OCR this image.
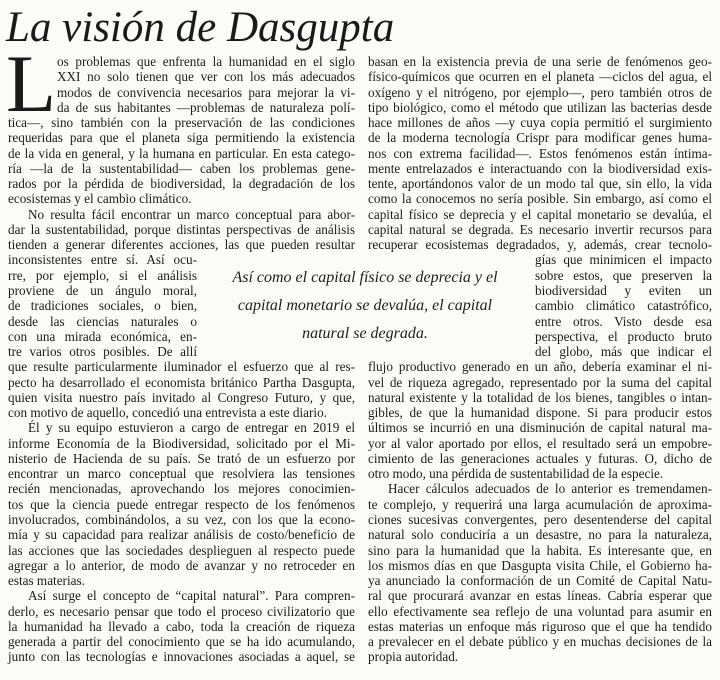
La visión de Dasgupta
L os problemas que enfrenta la humanidad en el siglo
XXI no solo tienen que ver con los más adecuados
modos de convivencia necesarios para mejorar la vi-
da de sus habitantes —problemas de naturaleza polí-
tica—, sino también con la preservación de las condiciones
requeridas para que el planeta siga permitiendo la existencia
de la vida en general, y la humana en particular. En esta catego-
ría —la de la sustentabilidad— caben los problemas gene-
rados por la pérdida de biodiversidad, la degradación de los
ecosistemas y el cambio climático.
No resulta fácil encontrar un marco conceptual para abor-
dar la sustentabilidad, porque distintas perspectivas de análisis
tienden a generar diferentes acciones, las que pueden resultar
inconsistentes entre sí. Así ocu-
rre, por ejemplo, si el análisis
proviene de un ángulo moral,
de tradiciones sociales, o bien,
desde las ciencias naturales o
con una mirada económica, en-
tre varios otros posibles. De allí
que resulte particularmente iluminador el esfuerzo que al res-
pecto ha desarrollado el economista británico Partha Dasgupta,
quien visita nuestro país invitado al Congreso Futuro, y que,
con motivo de aquello, concedió una entrevista a este diario.
Él y su equipo estuvieron a cargo de entregar en 2019 el
informe Economía de la Biodiversidad, solicitado por el Mi-
nisterio de Hacienda de su país. Se trató de un esfuerzo por
encontrar un marco conceptual que resolviera las tensiones
recién mencionadas, aprovechando los mejores conocimien-
tos que la ciencia puede entregar respecto de los fenómenos
involucrados, combinándolos, a su vez, con los que la econo-
mía y su capacidad para realizar análisis de costo/beneficio de
las acciones que las sociedades desplieguen al respecto puede
agregar a lo anterior, de modo de avanzar y no retroceder en
estas materias.
Así surge el concepto de “capital natural”. Para compren-
derlo, es necesario pensar que todo el proceso civilizatorio que
la humanidad ha llevado a cabo, toda la creación de riqueza
generada a partir del conocimiento que se ha ido acumulando,
junto con las tecnologías e innovaciones asociadas a aquel, se
basan en la existencia previa de una serie de fenómenos geo-
físico-químicos que ocurren en el planeta —ciclos del agua, el
oxígeno y el nitrógeno, por ejemplo—, pero también otros de
tipo biológico, como el método que utilizan las bacterias desde
hace millones de años —y cuya copia permitió el surgimiento
de la moderna tecnología Crispr para modificar genes huma-
nos con extrema facilidad—. Estos fenómenos están íntima-
mente entrelazados e interactuando con la biodiversidad exis-
tente, aportándonos valor de un modo tal que, sin ello, la vida
como la conocemos no sería posible. Sin embargo, así como el
capital físico se deprecia y el capital monetario se devalúa, el
capital natural se degrada. Es necesario invertir recursos para
recuperar ecosistemas degradados, y, además, crear tecnolo-
gías que minimicen el impacto
sobre estos, que preserven la
biodiversidad y eviten un
cambio climático catastrófico,
entre otros. Visto desde esa
perspectiva, el producto bruto
del globo, más que indicar el
flujo productivo generado en un año, debería examinar el ni-
vel de riqueza agregado, representado por la suma del capital
natural existente y la totalidad de los bienes, tangibles o intan-
gibles, de que la humanidad dispone. Si para producir estos
últimos se incurrió en una disminución de capital natural ma-
yor al valor aportado por ellos, el resultado será un empobre-
cimiento de las generaciones actuales y futuras. O, dicho de
otro modo, una pérdida de sustentabilidad de la especie.
Hacer cálculos adecuados de lo anterior es tremendamen-
te complejo, y requerirá una larga acumulación de aproxima-
ciones sucesivas convergentes, pero desentenderse del capital
natural solo conduciría a un desastre, no para la naturaleza,
sino para la humanidad que la habita. Es interesante que, en
los mismos días en que Dasgupta visita Chile, el Gobierno ha-
ya anunciado la conformación de un Comité de Capital Natu-
ral que procurará avanzar en estas líneas. Cabría esperar que
ello efectivamente sea reflejo de una voluntad para asumir en
estas materias un enfoque más riguroso que el que ha tendido
a prevalecer en el debate público y en muchas decisiones de la
propia autoridad.
Así como el capital físico se deprecia y el
capital monetario se devalúa, el capital
natural se degrada.
